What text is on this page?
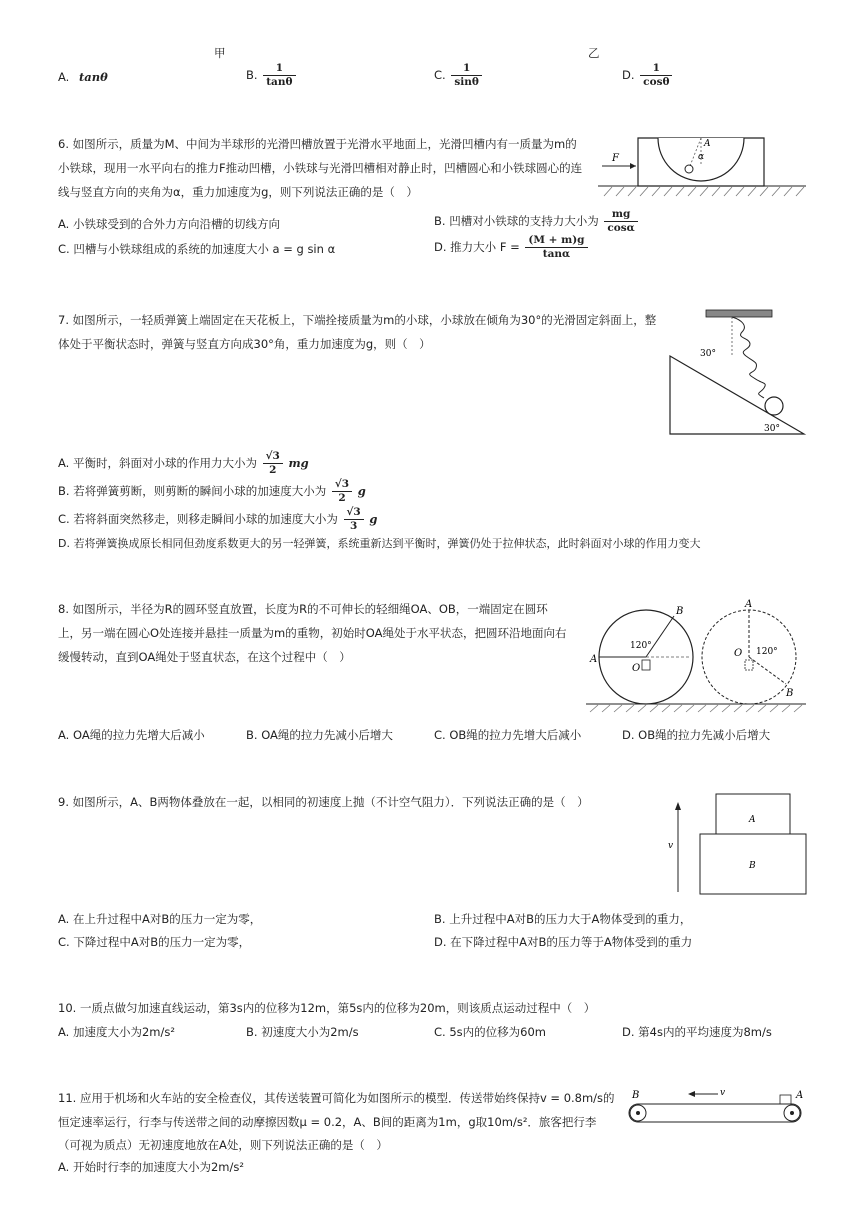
甲	乙
A. tanθ	B. $\frac{1}{\tan\theta}$	C. $\frac{1}{\sin\theta}$	D. $\frac{1}{\cos\theta}$
6. 如图所示，质量为M、中间为半球形的光滑凹槽放置于光滑水平地面上，光滑凹槽内有一质量为m的
小铁球，现用一水平向右的推力F推动凹槽，小铁球与光滑凹槽相对静止时，凹槽圆心和小铁球圆心的连
线与竖直方向的夹角为α，重力加速度为g，则下列说法正确的是（　）
F
A
α
A. 小铁球受到的合外力方向沿槽的切线方向	B. 凹槽对小铁球的支持力大小为 $\frac{mg}{\cos\alpha}$
C. 凹槽与小铁球组成的系统的加速度大小 a = g sin α	D. 推力大小 $F = \frac{(M + m)g}{\tan\alpha}$
7. 如图所示，一轻质弹簧上端固定在天花板上，下端拴接质量为m的小球，小球放在倾角为30°的光滑固定斜面上，整
体处于平衡状态时，弹簧与竖直方向成30°角，重力加速度为g，则（　）
30°
30°
A. 平衡时，斜面对小球的作用力大小为 $\frac{√3}{2}$ mg
B. 若将弹簧剪断，则剪断的瞬间小球的加速度大小为 $\frac{√3}{2}$ g
C. 若将斜面突然移走，则移走瞬间小球的加速度大小为 $\frac{√3}{3}$ g
D. 若将弹簧换成原长相同但劲度系数更大的另一轻弹簧，系统重新达到平衡时，弹簧仍处于拉伸状态，此时斜面对小球的作用力变大
8. 如图所示，半径为R的圆环竖直放置，长度为R的不可伸长的轻细绳OA、OB，一端固定在圆环
上，另一端在圆心O处连接并悬挂一质量为m的重物，初始时OA绳处于水平状态，把圆环沿地面向右
缓慢转动，直到OA绳处于竖直状态，在这个过程中（　）	A
B
O
120°
A
B
O 120°
A. OA绳的拉力先增大后减小	B. OA绳的拉力先减小后增大	C. OB绳的拉力先增大后减小	D. OB绳的拉力先减小后增大
9. 如图所示，A、B两物体叠放在一起，以相同的初速度上抛（不计空气阻力）．下列说法正确的是（　）
v
A
B
A. 在上升过程中A对B的压力一定为零，	B. 上升过程中A对B的压力大于A物体受到的重力，
C. 下降过程中A对B的压力一定为零，	D. 在下降过程中A对B的压力等于A物体受到的重力
10. 一质点做匀加速直线运动，第3s内的位移为12m，第5s内的位移为20m，则该质点运动过程中（　）
A. 加速度大小为2m/s²	B. 初速度大小为2m/s	C. 5s内的位移为60m	D. 第4s内的平均速度为8m/s
11. 应用于机场和火车站的安全检查仪，其传送装置可简化为如图所示的模型．传送带始终保持v = 0.8m/s的
恒定速率运行，行李与传送带之间的动摩擦因数μ = 0.2，A、B间的距离为1m，g取10m/s²．旅客把行李
（可视为质点）无初速度地放在A处，则下列说法正确的是（　）
A. 开始时行李的加速度大小为2m/s²
B	A
v
